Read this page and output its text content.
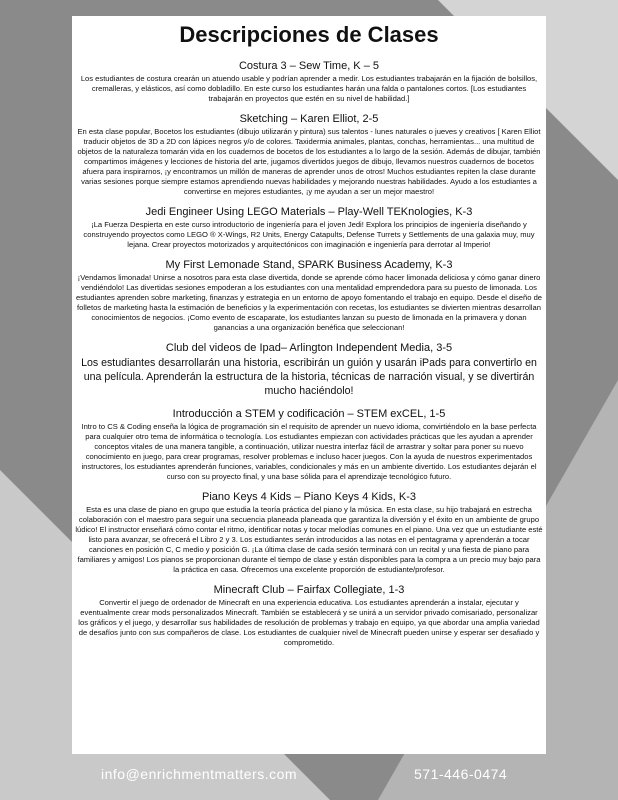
Descripciones de Clases
Costura 3 – Sew Time, K – 5

Los estudiantes de costura crearán un atuendo usable y podrían aprender a medir. Los estudiantes trabajarán en la fijación de bolsillos, cremalleras, y elásticos, así como dobladillo. En este curso los estudiantes harán una falda o pantalones cortos. [Los estudiantes trabajarán en proyectos que estén en su nivel de habilidad.]

Sketching – Karen Elliot, 2-5

En esta clase popular, Bocetos los estudiantes (dibujo utilizarán y pintura) sus talentos - lunes naturales o jueves y creativos [ Karen Elliot traducir objetos de 3D a 2D con lápices negros y/o de colores. Taxidermia animales, plantas, conchas, herramientas... una multitud de objetos de la naturaleza tomarán vida en los cuadernos de bocetos de los estudiantes a lo largo de la sesión. Además de dibujar, también compartimos imágenes y lecciones de historia del arte, jugamos divertidos juegos de dibujo, llevamos nuestros cuadernos de bocetos afuera para inspirarnos, ¡y encontramos un millón de maneras de aprender unos de otros! Muchos estudiantes repiten la clase durante varias sesiones porque siempre estamos aprendiendo nuevas habilidades y mejorando nuestras habilidades. Ayudo a los estudiantes a convertirse en mejores estudiantes, ¡y me ayudan a ser un mejor maestro!

Jedi Engineer Using LEGO Materials – Play-Well TEKnologies, K-3

¡La Fuerza Despierta en este curso introductorio de ingeniería para el joven Jedi! Explora los principios de ingeniería diseñando y construyendo proyectos como LEGO ® X-Wings, R2 Units, Energy Catapults, Defense Turrets y Settlements de una galaxia muy, muy lejana. Crear proyectos motorizados y arquitectónicos con imaginación e ingeniería para derrotar al Imperio!

My First Lemonade Stand, SPARK Business Academy, K-3

¡Vendamos limonada! Unirse a nosotros para esta clase divertida, donde se aprende cómo hacer limonada deliciosa y cómo ganar dinero vendiéndolo! Las divertidas sesiones empoderan a los estudiantes con una mentalidad emprendedora para su puesto de limonada. Los estudiantes aprenden sobre marketing, finanzas y estrategia en un entorno de apoyo fomentando el trabajo en equipo. Desde el diseño de folletos de marketing hasta la estimación de beneficios y la experimentación con recetas, los estudiantes se divierten mientras desarrollan conocimientos de negocios. ¡Como evento de escaparate, los estudiantes lanzan su puesto de limonada en la primavera y donan ganancias a una organización benéfica que seleccionan!

Club del videos de Ipad– Arlington Independent Media, 3-5

Los estudiantes desarrollarán una historia, escribirán un guión y usarán iPads para convertirlo en una película. Aprenderán la estructura de la historia, técnicas de narración visual, y se divertirán mucho haciéndolo!

Introducción a STEM y codificación – STEM exCEL, 1-5

Intro to CS & Coding enseña la lógica de programación sin el requisito de aprender un nuevo idioma, convirtiéndolo en la base perfecta para cualquier otro tema de informática o tecnología. Los estudiantes empiezan con actividades prácticas que les ayudan a aprender conceptos vitales de una manera tangible, a continuación, utilizar nuestra interfaz fácil de arrastrar y soltar para poner su nuevo conocimiento en juego, para crear programas, resolver problemas e incluso hacer juegos. Con la ayuda de nuestros experimentados instructores, los estudiantes aprenderán funciones, variables, condicionales y más en un ambiente divertido. Los estudiantes dejarán el curso con su proyecto final, y una base sólida para el aprendizaje tecnológico futuro.

Piano Keys 4 Kids – Piano Keys 4 Kids, K-3

Esta es una clase de piano en grupo que estudia la teoría práctica del piano y la música. En esta clase, su hijo trabajará en estrecha colaboración con el maestro para seguir una secuencia planeada planeada que garantiza la diversión y el éxito en un ambiente de grupo lúdico! El instructor enseñará cómo contar el ritmo, identificar notas y tocar melodías comunes en el piano. Una vez que un estudiante esté listo para avanzar, se ofrecerá el Libro 2 y 3. Los estudiantes serán introducidos a las notas en el pentagrama y aprenderán a tocar canciones en posición C, C medio y posición G. ¡La última clase de cada sesión terminará con un recital y una fiesta de piano para familiares y amigos! Los pianos se proporcionan durante el tiempo de clase y están disponibles para la compra a un precio muy bajo para la práctica en casa. Ofrecemos una excelente proporción de estudiante/profesor.

Minecraft Club – Fairfax Collegiate, 1-3

Convertir el juego de ordenador de Minecraft en una experiencia educativa. Los estudiantes aprenderán a instalar, ejecutar y eventualmente crear mods personalizados Minecraft. También se establecerá y se unirá a un servidor privado comisariado, personalizar los gráficos y el juego, y desarrollar sus habilidades de resolución de problemas y trabajo en equipo, ya que abordar una amplia variedad de desafíos junto con sus compañeros de clase. Los estudiantes de cualquier nivel de Minecraft pueden unirse y esperar ser desafiado y comprometido.

info@enrichmentmatters.com	571-446-0474
